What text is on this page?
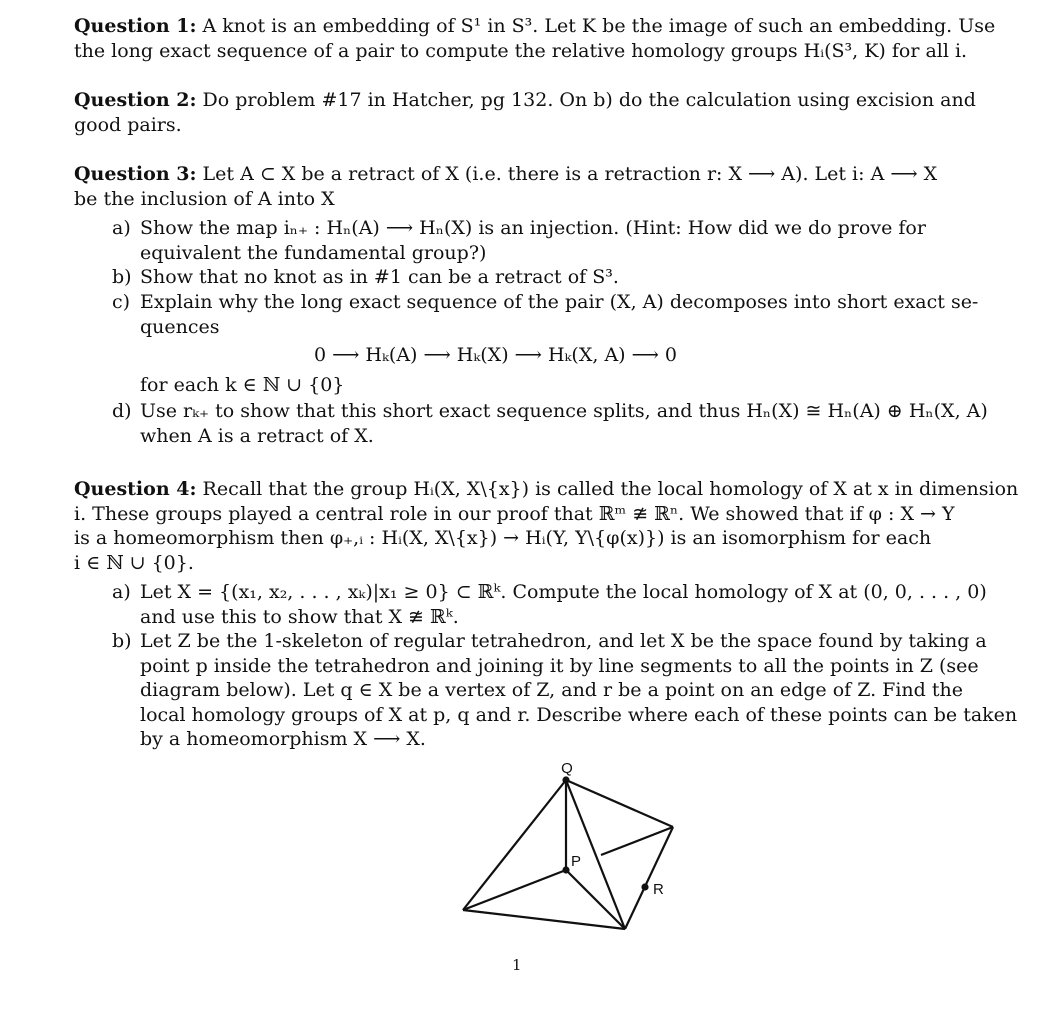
Question 1: A knot is an embedding of S¹ in S³. Let K be the image of such an embedding. Use
the long exact sequence of a pair to compute the relative homology groups Hᵢ(S³, K) for all i.
Question 2: Do problem #17 in Hatcher, pg 132. On b) do the calculation using excision and
good pairs.
Question 3: Let A ⊂ X be a retract of X (i.e. there is a retraction r: X ⟶ A). Let i: A ⟶ X
be the inclusion of A into X
a) Show the map iₙ₊ : Hₙ(A) ⟶ Hₙ(X) is an injection. (Hint: How did we do prove for
equivalent the fundamental group?)
b) Show that no knot as in #1 can be a retract of S³.
c) Explain why the long exact sequence of the pair (X, A) decomposes into short exact se-
quences
0 ⟶ Hₖ(A) ⟶ Hₖ(X) ⟶ Hₖ(X, A) ⟶ 0
for each k ∈ ℕ ∪ {0}
d) Use rₖ₊ to show that this short exact sequence splits, and thus Hₙ(X) ≅ Hₙ(A) ⊕ Hₙ(X, A)
when A is a retract of X.
Question 4: Recall that the group Hᵢ(X, X\{x}) is called the local homology of X at x in dimension
i. These groups played a central role in our proof that ℝᵐ ≇ ℝⁿ. We showed that if φ : X → Y
is a homeomorphism then φ₊,ᵢ : Hᵢ(X, X\{x}) → Hᵢ(Y, Y\{φ(x)}) is an isomorphism for each
i ∈ ℕ ∪ {0}.
a) Let X = {(x₁, x₂, . . . , xₖ)|x₁ ≥ 0} ⊂ ℝᵏ. Compute the local homology of X at (0, 0, . . . , 0)
and use this to show that X ≇ ℝᵏ.
b) Let Z be the 1-skeleton of regular tetrahedron, and let X be the space found by taking a
point p inside the tetrahedron and joining it by line segments to all the points in Z (see
diagram below). Let q ∈ X be a vertex of Z, and r be a point on an edge of Z. Find the
local homology groups of X at p, q and r. Describe where each of these points can be taken
by a homeomorphism X ⟶ X.
Q
P
R
1
